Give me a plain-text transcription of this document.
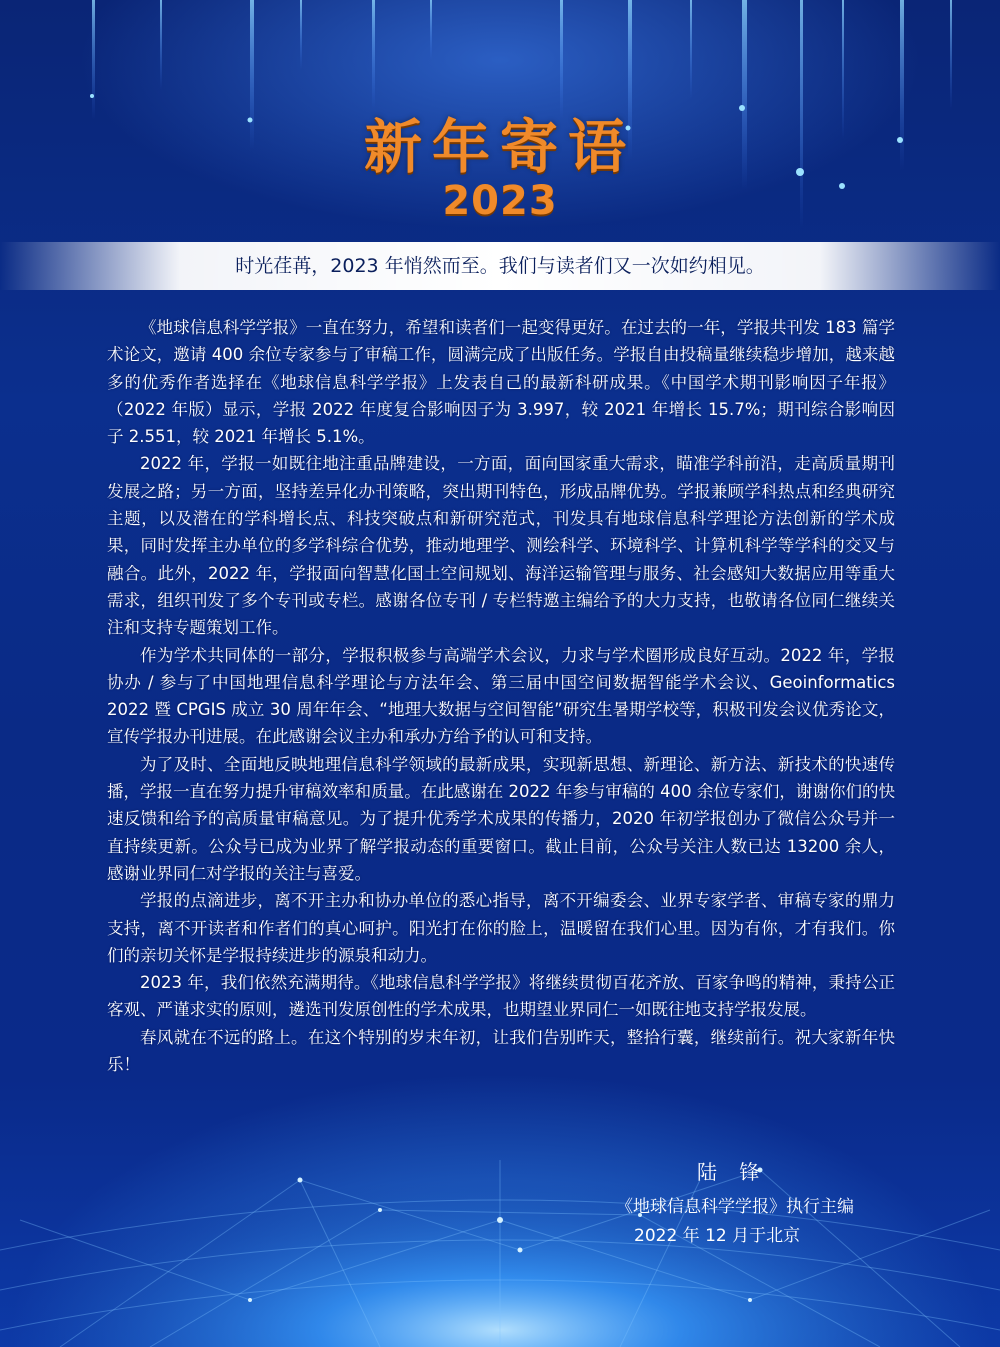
新年寄语
2023
时光荏苒，2023 年悄然而至。我们与读者们又一次如约相见。

《地球信息科学学报》一直在努力，希望和读者们一起变得更好。在过去的一年，学报共刊发 183 篇学术论文，邀请 400 余位专家参与了审稿工作，圆满完成了出版任务。学报自由投稿量继续稳步增加，越来越多的优秀作者选择在《地球信息科学学报》上发表自己的最新科研成果。《中国学术期刊影响因子年报》（2022 年版）显示，学报 2022 年度复合影响因子为 3.997，较 2021 年增长 15.7%；期刊综合影响因子 2.551，较 2021 年增长 5.1%。

2022 年，学报一如既往地注重品牌建设，一方面，面向国家重大需求，瞄准学科前沿，走高质量期刊发展之路；另一方面，坚持差异化办刊策略，突出期刊特色，形成品牌优势。学报兼顾学科热点和经典研究主题，以及潜在的学科增长点、科技突破点和新研究范式，刊发具有地球信息科学理论方法创新的学术成果，同时发挥主办单位的多学科综合优势，推动地理学、测绘科学、环境科学、计算机科学等学科的交叉与融合。此外，2022 年，学报面向智慧化国土空间规划、海洋运输管理与服务、社会感知大数据应用等重大需求，组织刊发了多个专刊或专栏。感谢各位专刊 / 专栏特邀主编给予的大力支持，也敬请各位同仁继续关注和支持专题策划工作。

作为学术共同体的一部分，学报积极参与高端学术会议，力求与学术圈形成良好互动。2022 年，学报协办 / 参与了中国地理信息科学理论与方法年会、第三届中国空间数据智能学术会议、Geoinformatics 2022 暨 CPGIS 成立 30 周年年会、“地理大数据与空间智能”研究生暑期学校等，积极刊发会议优秀论文，宣传学报办刊进展。在此感谢会议主办和承办方给予的认可和支持。

为了及时、全面地反映地理信息科学领域的最新成果，实现新思想、新理论、新方法、新技术的快速传播，学报一直在努力提升审稿效率和质量。在此感谢在 2022 年参与审稿的 400 余位专家们，谢谢你们的快速反馈和给予的高质量审稿意见。为了提升优秀学术成果的传播力，2020 年初学报创办了微信公众号并一直持续更新。公众号已成为业界了解学报动态的重要窗口。截止目前，公众号关注人数已达 13200 余人，感谢业界同仁对学报的关注与喜爱。

学报的点滴进步，离不开主办和协办单位的悉心指导，离不开编委会、业界专家学者、审稿专家的鼎力支持，离不开读者和作者们的真心呵护。阳光打在你的脸上，温暖留在我们心里。因为有你，才有我们。你们的亲切关怀是学报持续进步的源泉和动力。

2023 年，我们依然充满期待。《地球信息科学学报》将继续贯彻百花齐放、百家争鸣的精神，秉持公正客观、严谨求实的原则，遴选刊发原创性的学术成果，也期望业界同仁一如既往地支持学报发展。

春风就在不远的路上。在这个特别的岁末年初，让我们告别昨天，整拾行囊，继续前行。祝大家新年快乐！

陆 锋
《地球信息科学学报》执行主编
2022 年 12 月于北京
